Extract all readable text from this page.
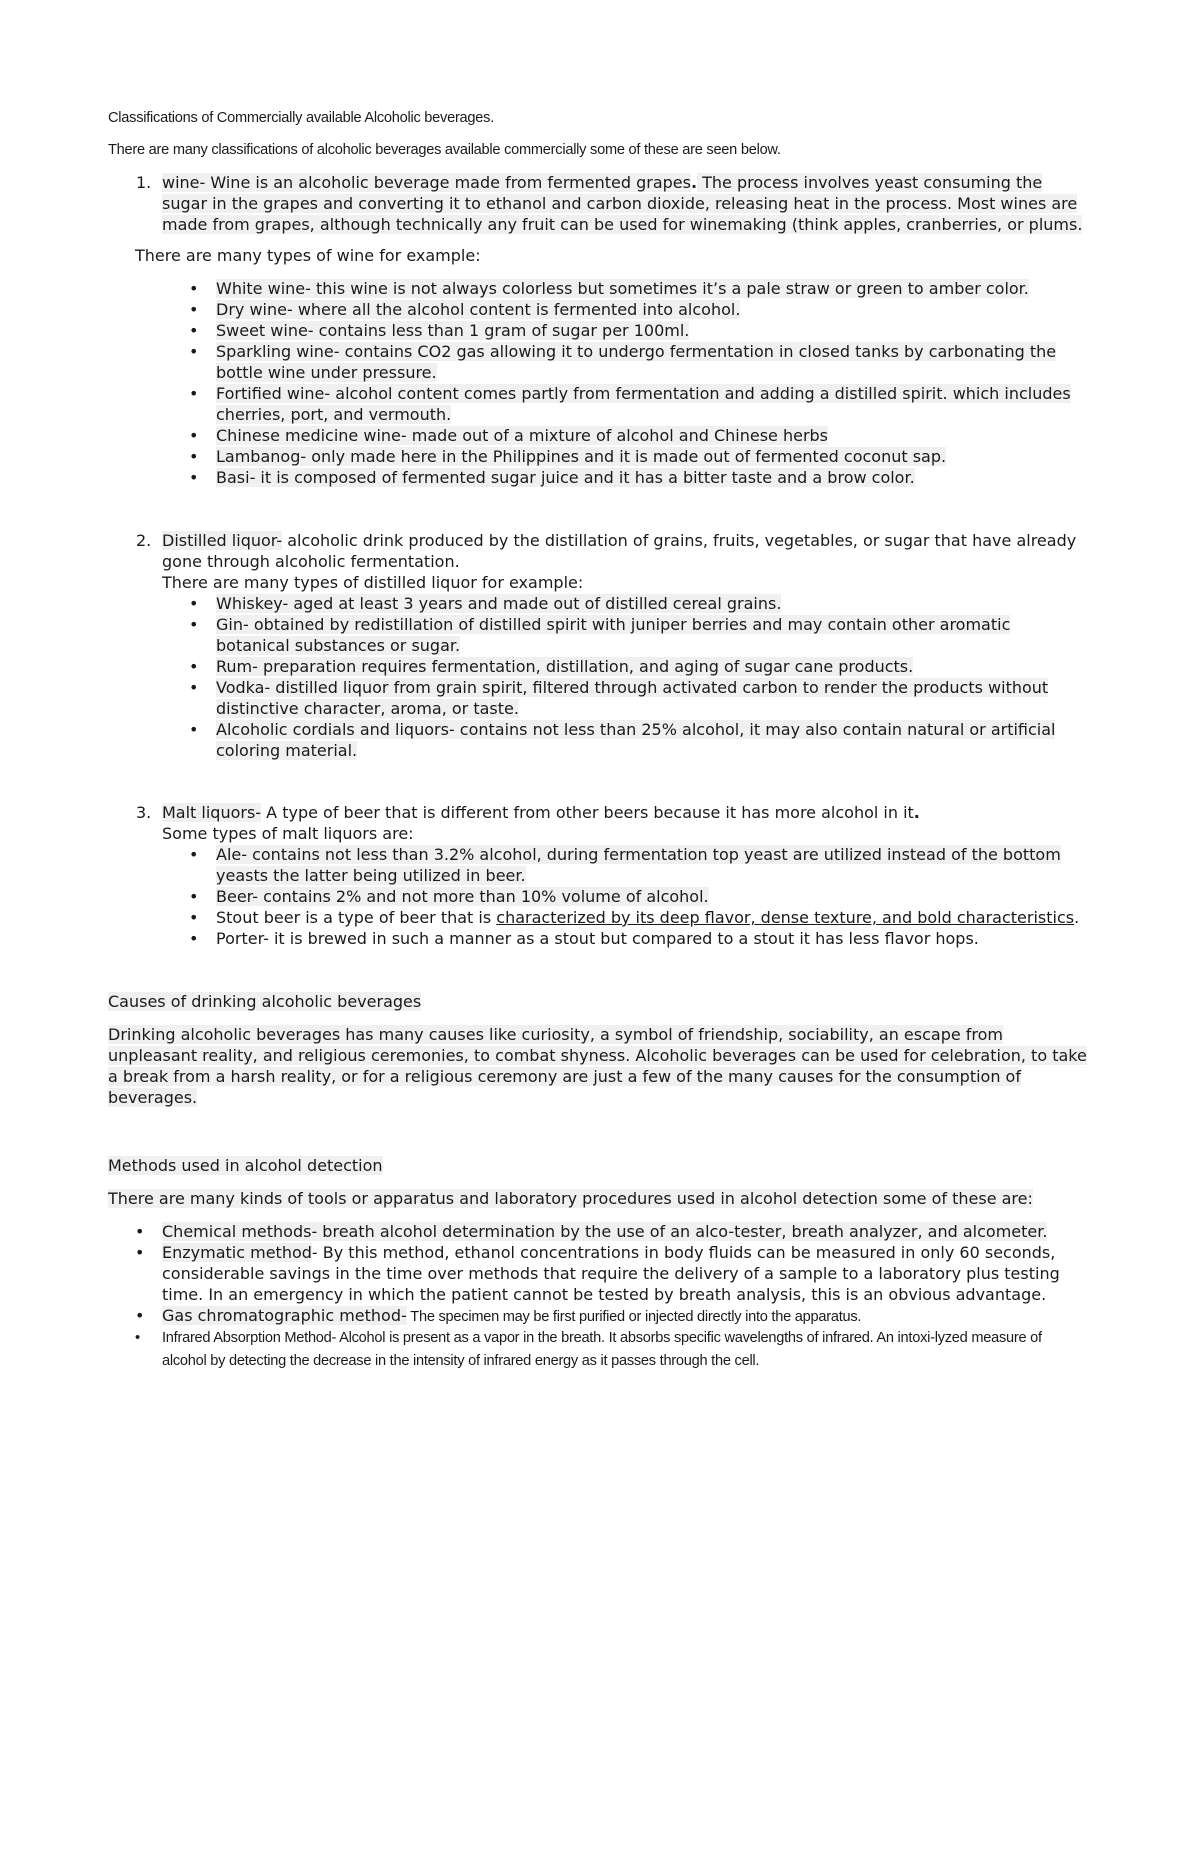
Classifications of Commercially available Alcoholic beverages.

There are many classifications of alcoholic beverages available commercially some of these are seen below.

1. wine- Wine is an alcoholic beverage made from fermented grapes. The process involves yeast consuming the sugar in the grapes and converting it to ethanol and carbon dioxide, releasing heat in the process. Most wines are made from grapes, although technically any fruit can be used for winemaking (think apples, cranberries, or plums.

There are many types of wine for example:

• White wine- this wine is not always colorless but sometimes it’s a pale straw or green to amber color.
• Dry wine- where all the alcohol content is fermented into alcohol.
• Sweet wine- contains less than 1 gram of sugar per 100ml.
• Sparkling wine- contains CO2 gas allowing it to undergo fermentation in closed tanks by carbonating the bottle wine under pressure.
• Fortified wine- alcohol content comes partly from fermentation and adding a distilled spirit. which includes cherries, port, and vermouth.
• Chinese medicine wine- made out of a mixture of alcohol and Chinese herbs
• Lambanog- only made here in the Philippines and it is made out of fermented coconut sap.
• Basi- it is composed of fermented sugar juice and it has a bitter taste and a brow color.
2. Distilled liquor- alcoholic drink produced by the distillation of grains, fruits, vegetables, or sugar that have already gone through alcoholic fermentation.

There are many types of distilled liquor for example:

• Whiskey- aged at least 3 years and made out of distilled cereal grains.
• Gin- obtained by redistillation of distilled spirit with juniper berries and may contain other aromatic botanical substances or sugar.
• Rum- preparation requires fermentation, distillation, and aging of sugar cane products.
• Vodka- distilled liquor from grain spirit, filtered through activated carbon to render the products without distinctive character, aroma, or taste.
• Alcoholic cordials and liquors- contains not less than 25% alcohol, it may also contain natural or artificial coloring material.
3. Malt liquors- A type of beer that is different from other beers because it has more alcohol in it.

Some types of malt liquors are:

• Ale- contains not less than 3.2% alcohol, during fermentation top yeast are utilized instead of the bottom yeasts the latter being utilized in beer.
• Beer- contains 2% and not more than 10% volume of alcohol.
• Stout beer is a type of beer that is characterized by its deep flavor, dense texture, and bold characteristics.
• Porter- it is brewed in such a manner as a stout but compared to a stout it has less flavor hops.

Causes of drinking alcoholic beverages

Drinking alcoholic beverages has many causes like curiosity, a symbol of friendship, sociability, an escape from unpleasant reality, and religious ceremonies, to combat shyness. Alcoholic beverages can be used for celebration, to take a break from a harsh reality, or for a religious ceremony are just a few of the many causes for the consumption of beverages.

Methods used in alcohol detection

There are many kinds of tools or apparatus and laboratory procedures used in alcohol detection some of these are:

• Chemical methods- breath alcohol determination by the use of an alco-tester, breath analyzer, and alcometer.
• Enzymatic method- By this method, ethanol concentrations in body fluids can be measured in only 60 seconds, considerable savings in the time over methods that require the delivery of a sample to a laboratory plus testing time. In an emergency in which the patient cannot be tested by breath analysis, this is an obvious advantage.
• Gas chromatographic method- The specimen may be first purified or injected directly into the apparatus.
• Infrared Absorption Method- Alcohol is present as a vapor in the breath. It absorbs specific wavelengths of infrared. An intoxi-lyzed measure of alcohol by detecting the decrease in the intensity of infrared energy as it passes through the cell.
